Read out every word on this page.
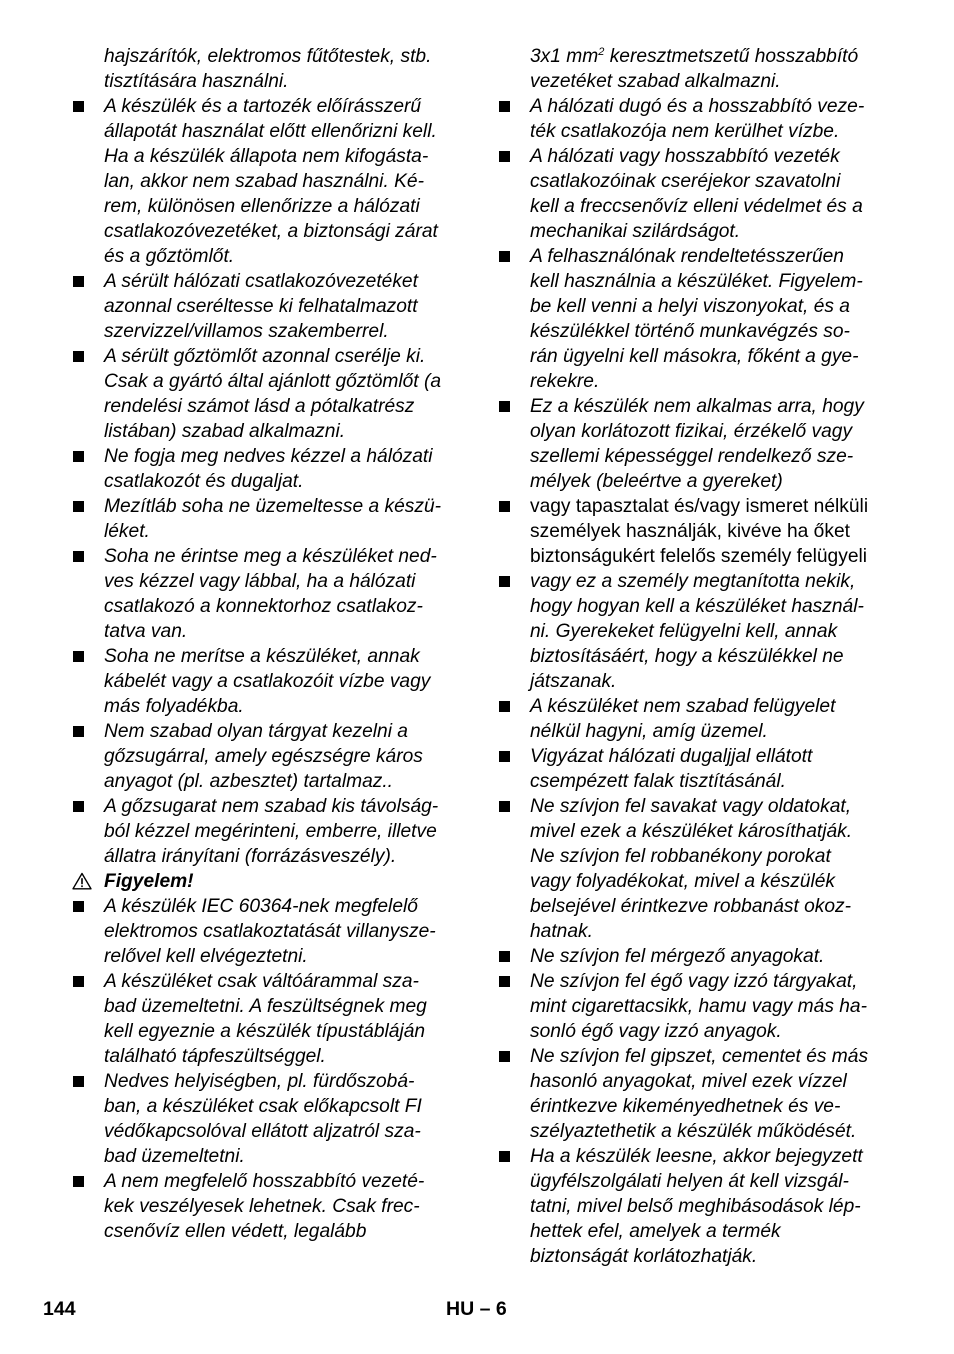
hajszárítók, elektromos fűtőtestek, stb.
tisztítására használni.
A készülék és a tartozék előírásszerű
állapotát használat előtt ellenőrizni kell.
Ha a készülék állapota nem kifogásta-
lan, akkor nem szabad használni. Ké-
rem, különösen ellenőrizze a hálózati
csatlakozóvezetéket, a biztonsági zárat
és a gőztömlőt.
A sérült hálózati csatlakozóvezetéket
azonnal cseréltesse ki felhatalmazott
szervizzel/villamos szakemberrel.
A sérült gőztömlőt azonnal cserélje ki.
Csak a gyártó által ajánlott gőztömlőt (a
rendelési számot lásd a pótalkatrész
listában) szabad alkalmazni.
Ne fogja meg nedves kézzel a hálózati
csatlakozót és dugaljat.
Mezítláb soha ne üzemeltesse a készü-
léket.
Soha ne érintse meg a készüléket ned-
ves kézzel vagy lábbal, ha a hálózati
csatlakozó a konnektorhoz csatlakoz-
tatva van.
Soha ne merítse a készüléket, annak
kábelét vagy a csatlakozóit vízbe vagy
más folyadékba.
Nem szabad olyan tárgyat kezelni a
gőzsugárral, amely egészségre káros
anyagot (pl. azbesztet) tartalmaz..
A gőzsugarat nem szabad kis távolság-
ból kézzel megérinteni, emberre, illetve
állatra irányítani (forrázásveszély).
Figyelem!
A készülék IEC 60364-nek megfelelő
elektromos csatlakoztatását villanysze-
relővel kell elvégeztetni.
A készüléket csak váltóárammal sza-
bad üzemeltetni. A feszültségnek meg
kell egyeznie a készülék típustábláján
található tápfeszültséggel.
Nedves helyiségben, pl. fürdőszobá-
ban, a készüléket csak előkapcsolt FI
védőkapcsolóval ellátott aljzatról sza-
bad üzemeltetni.
A nem megfelelő hosszabbító vezeté-
kek veszélyesek lehetnek. Csak frec-
csenővíz ellen védett, legalább
3x1 $mm^2$ keresztmetszetű hosszabbító
vezetéket szabad alkalmazni.
A hálózati dugó és a hosszabbító veze-
ték csatlakozója nem kerülhet vízbe.
A hálózati vagy hosszabbító vezeték
csatlakozóinak cseréjekor szavatolni
kell a freccsenővíz elleni védelmet és a
mechanikai szilárdságot.
A felhasználónak rendeltetésszerűen
kell használnia a készüléket. Figyelem-
be kell venni a helyi viszonyokat, és a
készülékkel történő munkavégzés so-
rán ügyelni kell másokra, főként a gye-
rekekre.
Ez a készülék nem alkalmas arra, hogy
olyan korlátozott fizikai, érzékelő vagy
szellemi képességgel rendelkező sze-
mélyek (beleértve a gyereket)
vagy tapasztalat és/vagy ismeret nélküli
személyek használják, kivéve ha őket
biztonságukért felelős személy felügyeli
vagy ez a személy megtanította nekik,
hogy hogyan kell a készüléket használ-
ni. Gyerekeket felügyelni kell, annak
biztosításáért, hogy a készülékkel ne
játszanak.
A készüléket nem szabad felügyelet
nélkül hagyni, amíg üzemel.
Vigyázat hálózati dugaljjal ellátott
csempézett falak tisztításánál.
Ne szívjon fel savakat vagy oldatokat,
mivel ezek a készüléket károsíthatják.
Ne szívjon fel robbanékony porokat
vagy folyadékokat, mivel a készülék
belsejével érintkezve robbanást okoz-
hatnak.
Ne szívjon fel mérgező anyagokat.
Ne szívjon fel égő vagy izzó tárgyakat,
mint cigarettacsikk, hamu vagy más ha-
sonló égő vagy izzó anyagok.
Ne szívjon fel gipszet, cementet és más
hasonló anyagokat, mivel ezek vízzel
érintkezve kikeményedhetnek és ve-
szélyaztethetik a készülék működését.
Ha a készülék leesne, akkor bejegyzett
ügyfélszolgálati helyen át kell vizsgál-
tatni, mivel belső meghibásodások lép-
hettek efel, amelyek a termék
biztonságát korlátozhatják.
144	HU – 6
